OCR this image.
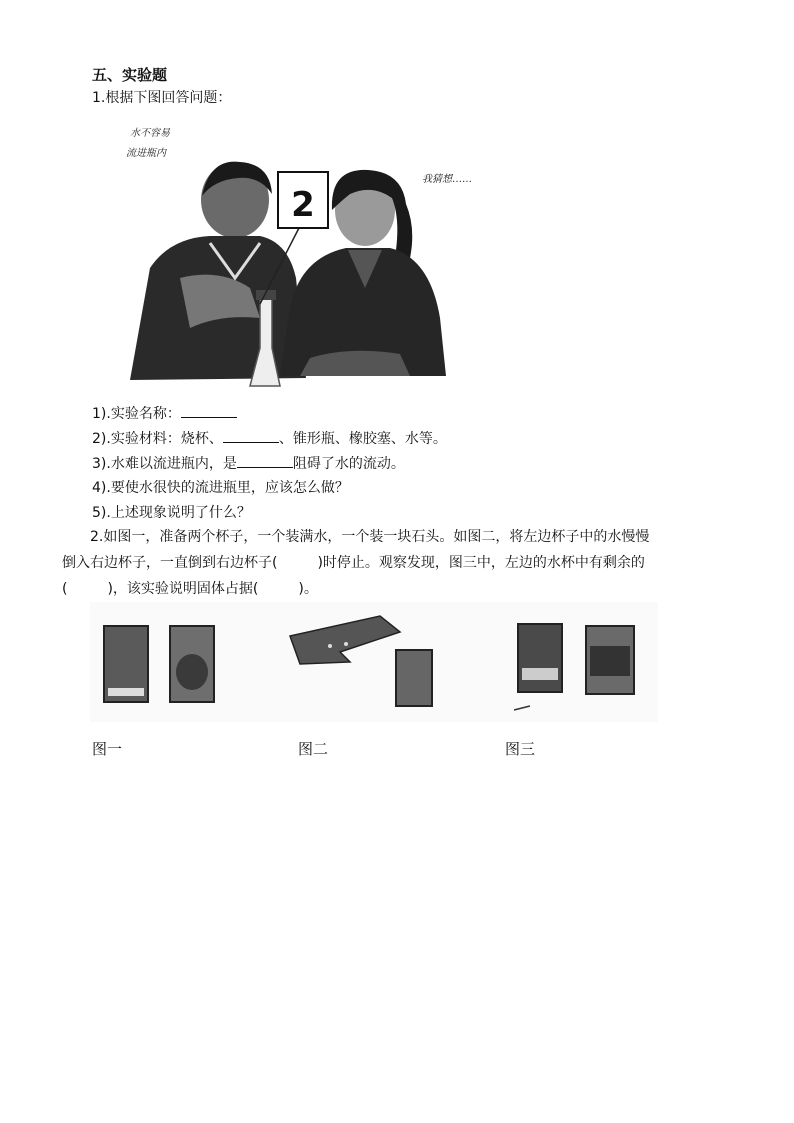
五、实验题
1.根据下图回答问题：
水不容易
流进瓶内
我猜想……
2
1).实验名称：
2).实验材料：烧杯、	、锥形瓶、橡胶塞、水等。
3).水难以流进瓶内，是	阻碍了水的流动。
4).要使水很快的流进瓶里，应该怎么做？
5).上述现象说明了什么？
2.如图一，准备两个杯子，一个装满水，一个装一块石头。如图二，将左边杯子中的水慢慢
倒入右边杯子，一直倒到右边杯子(	)时停止。观察发现，图三中，左边的水杯中有剩余的
(	)，该实验说明固体占据(	)。
图一	图二	图三
